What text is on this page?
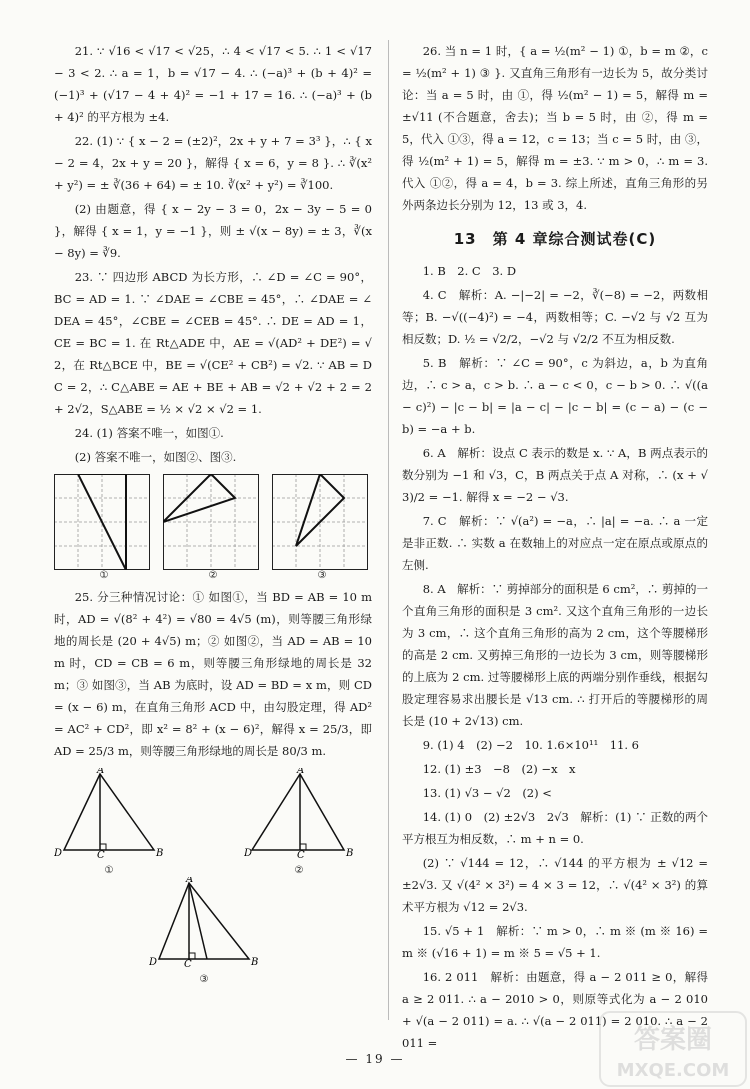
21. ∵ √16 < √17 < √25，∴ 4 < √17 < 5. ∴ 1 < √17 − 3 < 2. ∴ a = 1，b = √17 − 4. ∴ (−a)³ + (b + 4)² = (−1)³ + (√17 − 4 + 4)² = −1 + 17 = 16. ∴ (−a)³ + (b + 4)² 的平方根为 ±4.

22. (1) ∵ { x − 2 = (±2)²，2x + y + 7 = 3³ }，∴ { x − 2 = 4，2x + y = 20 }，解得 { x = 6，y = 8 }. ∴ ∛(x² + y²) = ± ∛(36 + 64) = ± 10. ∛(x² + y²) = ∛100.

(2) 由题意，得 { x − 2y − 3 = 0，2x − 3y − 5 = 0 }，解得 { x = 1，y = −1 }，则 ± √(x − 8y) = ± 3，∛(x − 8y) = ∛9.

23. ∵ 四边形 ABCD 为长方形，∴ ∠D = ∠C = 90°，BC = AD = 1. ∵ ∠DAE = ∠CBE = 45°，∴ ∠DAE = ∠DEA = 45°，∠CBE = ∠CEB = 45°. ∴ DE = AD = 1，CE = BC = 1. 在 Rt△ADE 中，AE = √(AD² + DE²) = √2，在 Rt△BCE 中，BE = √(CE² + CB²) = √2. ∵ AB = DC = 2，∴ C△ABE = AE + BE + AB = √2 + √2 + 2 = 2 + 2√2，S△ABE = ½ × √2 × √2 = 1.

24. (1) 答案不唯一，如图①.

(2) 答案不唯一，如图②、图③.

①	②	③

25. 分三种情况讨论：① 如图①，当 BD = AB = 10 m 时，AD = √(8² + 4²) = √80 = 4√5 (m)，则等腰三角形绿地的周长是 (20 + 4√5) m；② 如图②，当 AD = AB = 10 m 时，CD = CB = 6 m，则等腰三角形绿地的周长是 32 m；③ 如图③，当 AB 为底时，设 AD = BD = x m，则 CD = (x − 6) m，在直角三角形 ACD 中，由勾股定理，得 AD² = AC² + CD²，即 x² = 8² + (x − 6)²，解得 x = 25/3，即 AD = 25/3 m，则等腰三角形绿地的周长是 80/3 m.

A
D	C	B
①
A
D	C	B
②
A
D	C	B
③

26. 当 n = 1 时，{ a = ½(m² − 1) ①，b = m ②，c = ½(m² + 1) ③ }. 又直角三角形有一边长为 5，故分类讨论：当 a = 5 时，由 ①，得 ½(m² − 1) = 5，解得 m = ±√11 (不合题意，舍去)；当 b = 5 时，由 ②，得 m = 5，代入 ①③，得 a = 12，c = 13；当 c = 5 时，由 ③，得 ½(m² + 1) = 5，解得 m = ±3. ∵ m > 0，∴ m = 3. 代入 ①②，得 a = 4，b = 3. 综上所述，直角三角形的另外两条边长分别为 12，13 或 3，4.

13　第 4 章综合测试卷(C)

1. B　2. C　3. D

4. C　解析：A. −|−2| = −2，∛(−8) = −2，两数相等；B. −√((−4)²) = −4，两数相等；C. −√2 与 √2 互为相反数；D. ½ = √2/2，−√2 与 √2/2 不互为相反数.

5. B　解析：∵ ∠C = 90°，c 为斜边，a，b 为直角边，∴ c > a，c > b. ∴ a − c < 0，c − b > 0. ∴ √((a − c)²) − |c − b| = |a − c| − |c − b| = (c − a) − (c − b) = −a + b.

6. A　解析：设点 C 表示的数是 x. ∵ A，B 两点表示的数分别为 −1 和 √3，C，B 两点关于点 A 对称，∴ (x + √3)/2 = −1. 解得 x = −2 − √3.

7. C　解析：∵ √(a²) = −a，∴ |a| = −a. ∴ a 一定是非正数. ∴ 实数 a 在数轴上的对应点一定在原点或原点的左侧.

8. A　解析：∵ 剪掉部分的面积是 6 cm²，∴ 剪掉的一个直角三角形的面积是 3 cm². 又这个直角三角形的一边长为 3 cm，∴ 这个直角三角形的高为 2 cm，这个等腰梯形的高是 2 cm. 又剪掉三角形的一边长为 3 cm，则等腰梯形的上底为 2 cm. 过等腰梯形上底的两端分别作垂线，根据勾股定理容易求出腰长是 √13 cm. ∴ 打开后的等腰梯形的周长是 (10 + 2√13) cm.

9. (1) 4　(2) −2　10. 1.6×10¹¹　11. 6

12. (1) ±3　−8　(2) −x　x

13. (1) √3 − √2　(2) <

14. (1) 0　(2) ±2√3　2√3　解析：(1) ∵ 正数的两个平方根互为相反数，∴ m + n = 0.

(2) ∵ √144 = 12，∴ √144 的平方根为 ± √12 = ±2√3. 又 √(4² × 3²) = 4 × 3 = 12，∴ √(4² × 3²) 的算术平方根为 √12 = 2√3.

15. √5 + 1　解析：∵ m > 0，∴ m ※ (m ※ 16) = m ※ (√16 + 1) = m ※ 5 = √5 + 1.

16. 2 011　解析：由题意，得 a − 2 011 ≥ 0，解得 a ≥ 2 011. ∴ a − 2010 > 0，则原等式化为 a − 2 010 + √(a − 2 011) = a. ∴ √(a − 2 011) = 2 010. ∴ a − 2 011 =

— 19 —
答案圈
MXQE.COM
